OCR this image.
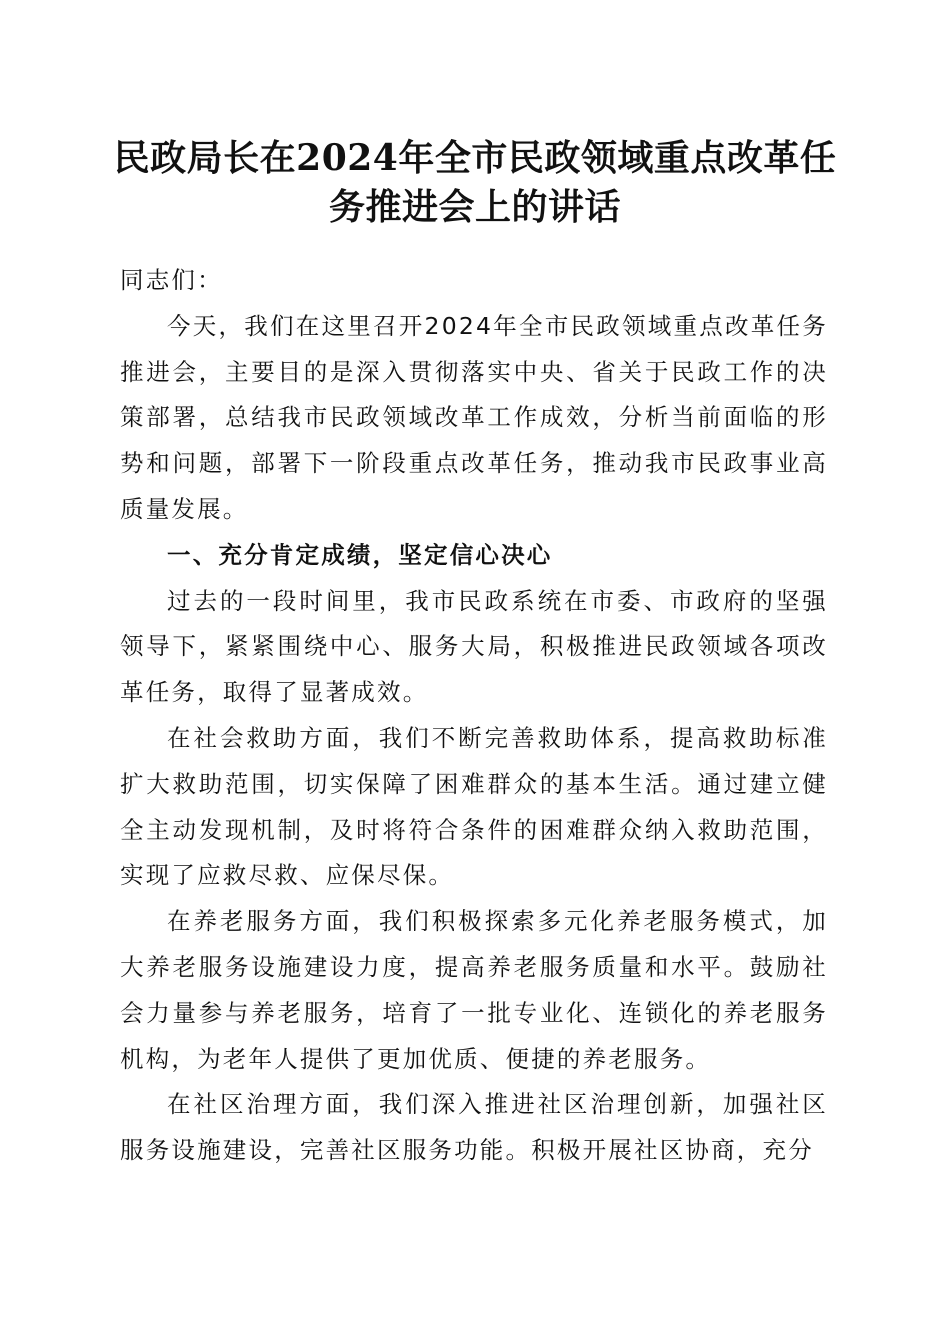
民政局长在2024年全市民政领域重点改革任
务推进会上的讲话

同志们：

今天，我们在这里召开2024年全市民政领域重点改革任务推进会，主要目的是深入贯彻落实中央、省关于民政工作的决策部署，总结我市民政领域改革工作成效，分析当前面临的形势和问题，部署下一阶段重点改革任务，推动我市民政事业高质量发展。

一、充分肯定成绩，坚定信心决心

过去的一段时间里，我市民政系统在市委、市政府的坚强领导下，紧紧围绕中心、服务大局，积极推进民政领域各项改革任务，取得了显著成效。

在社会救助方面，我们不断完善救助体系，提高救助标准扩大救助范围，切实保障了困难群众的基本生活。通过建立健全主动发现机制，及时将符合条件的困难群众纳入救助范围，实现了应救尽救、应保尽保。

在养老服务方面，我们积极探索多元化养老服务模式，加大养老服务设施建设力度，提高养老服务质量和水平。鼓励社会力量参与养老服务，培育了一批专业化、连锁化的养老服务机构，为老年人提供了更加优质、便捷的养老服务。

在社区治理方面，我们深入推进社区治理创新，加强社区服务设施建设，完善社区服务功能。积极开展社区协商，充分
